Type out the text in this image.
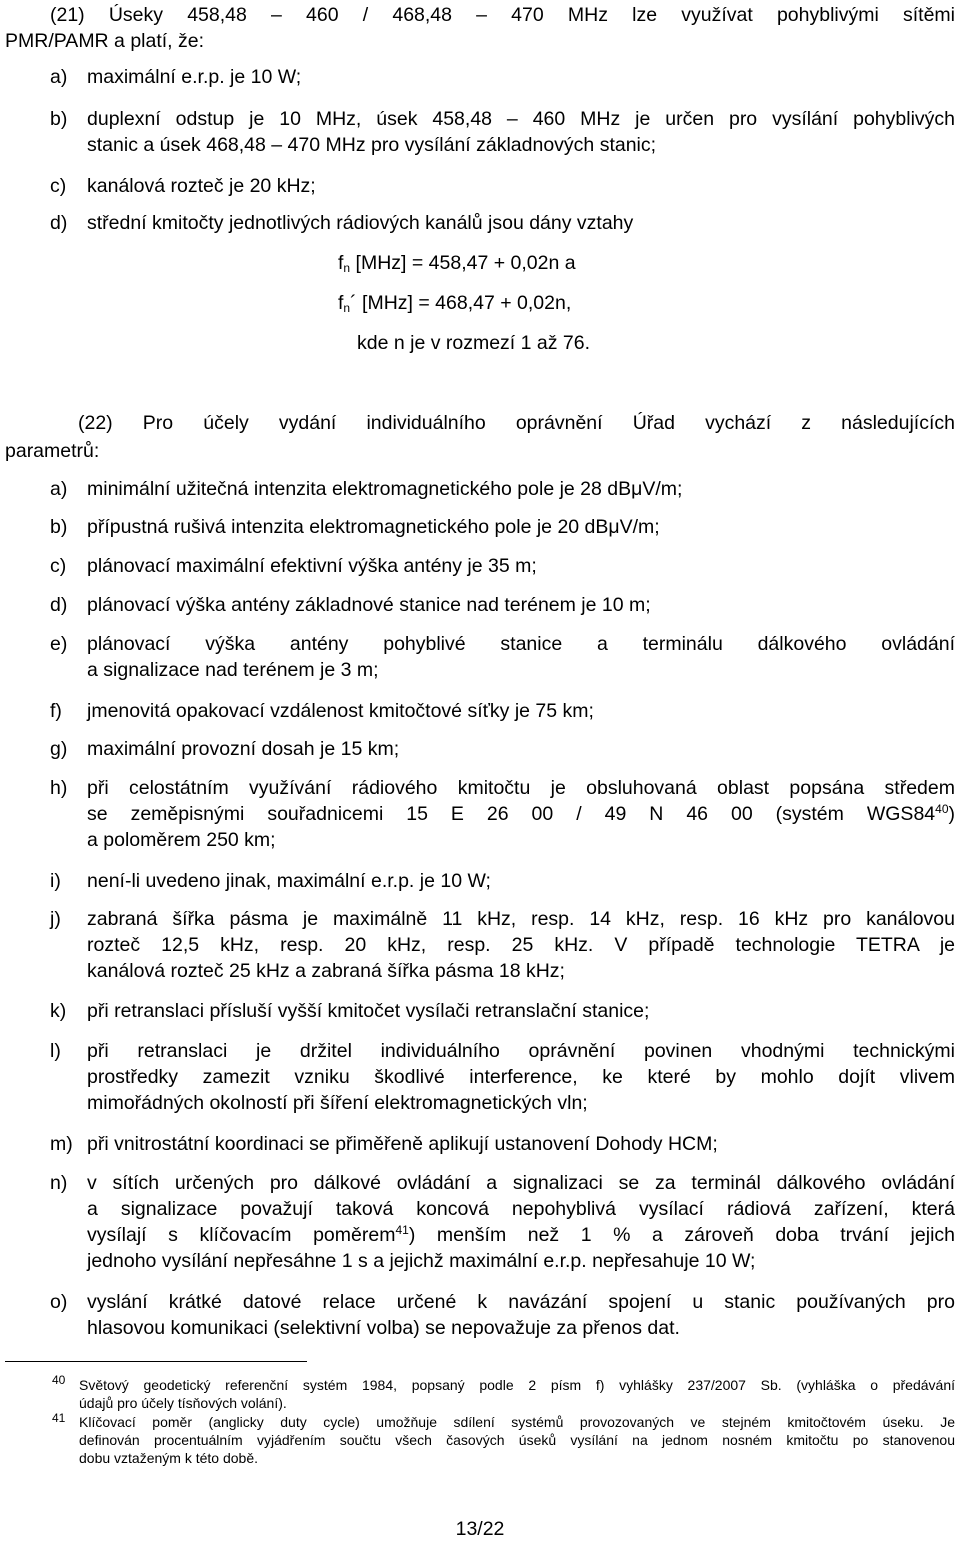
(21) Úseky 458,48 – 460 / 468,48 – 470 MHz lze využívat pohyblivými sítěmi
PMR/PAMR a platí, že:
a) maximální e.r.p. je 10 W;
b) duplexní odstup je 10 MHz, úsek 458,48 – 460 MHz je určen pro vysílání pohyblivých
stanic a úsek 468,48 – 470 MHz pro vysílání základnových stanic;
c) kanálová rozteč je 20 kHz;
d) střední kmitočty jednotlivých rádiových kanálů jsou dány vztahy
$f_n$ [MHz] = 458,47 + 0,02n a
$f_n´$ [MHz] = 468,47 + 0,02n,
kde n je v rozmezí 1 až 76.
(22) Pro účely vydání individuálního oprávnění Úřad vychází z následujících
parametrů:
a) minimální užitečná intenzita elektromagnetického pole je 28 dBμV/m;
b) přípustná rušivá intenzita elektromagnetického pole je 20 dBμV/m;
c) plánovací maximální efektivní výška antény je 35 m;
d) plánovací výška antény základnové stanice nad terénem je 10 m;
e) plánovací výška antény pohyblivé stanice a terminálu dálkového ovládání
a signalizace nad terénem je 3 m;
f) jmenovitá opakovací vzdálenost kmitočtové síťky je 75 km;
g) maximální provozní dosah je 15 km;
h) při celostátním využívání rádiového kmitočtu je obsluhovaná oblast popsána středem
se zeměpisnými souřadnicemi 15 E 26 00 / 49 N 46 00 (systém $WGS84^{40}$)
a poloměrem 250 km;
i) není-li uvedeno jinak, maximální e.r.p. je 10 W;
j) zabraná šířka pásma je maximálně 11 kHz, resp. 14 kHz, resp. 16 kHz pro kanálovou
rozteč 12,5 kHz, resp. 20 kHz, resp. 25 kHz. V případě technologie TETRA je
kanálová rozteč 25 kHz a zabraná šířka pásma 18 kHz;
k) při retranslaci přísluší vyšší kmitočet vysílači retranslační stanice;
l) při retranslaci je držitel individuálního oprávnění povinen vhodnými technickými
prostředky zamezit vzniku škodlivé interference, ke které by mohlo dojít vlivem
mimořádných okolností při šíření elektromagnetických vln;
m) při vnitrostátní koordinaci se přiměřeně aplikují ustanovení Dohody HCM;
n) v sítích určených pro dálkové ovládání a signalizaci se za terminál dálkového ovládání
a signalizace považují taková koncová nepohyblivá vysílací rádiová zařízení, která
vysílají s klíčovacím poměrem$^{41}$) menším než 1 % a zároveň doba trvání jejich
jednoho vysílání nepřesáhne 1 s a jejichž maximální e.r.p. nepřesahuje 10 W;
o) vyslání krátké datové relace určené k navázání spojení u stanic používaných pro
hlasovou komunikaci (selektivní volba) se nepovažuje za přenos dat.
40 Světový geodetický referenční systém 1984, popsaný podle 2 písm f) vyhlášky 237/2007 Sb. (vyhláška o předávání
údajů pro účely tísňových volání).
41 Klíčovací poměr (anglicky duty cycle) umožňuje sdílení systémů provozovaných ve stejném kmitočtovém úseku. Je
definován procentuálním vyjádřením součtu všech časových úseků vysílání na jednom nosném kmitočtu po stanovenou
dobu vztaženým k této době.
13/22
